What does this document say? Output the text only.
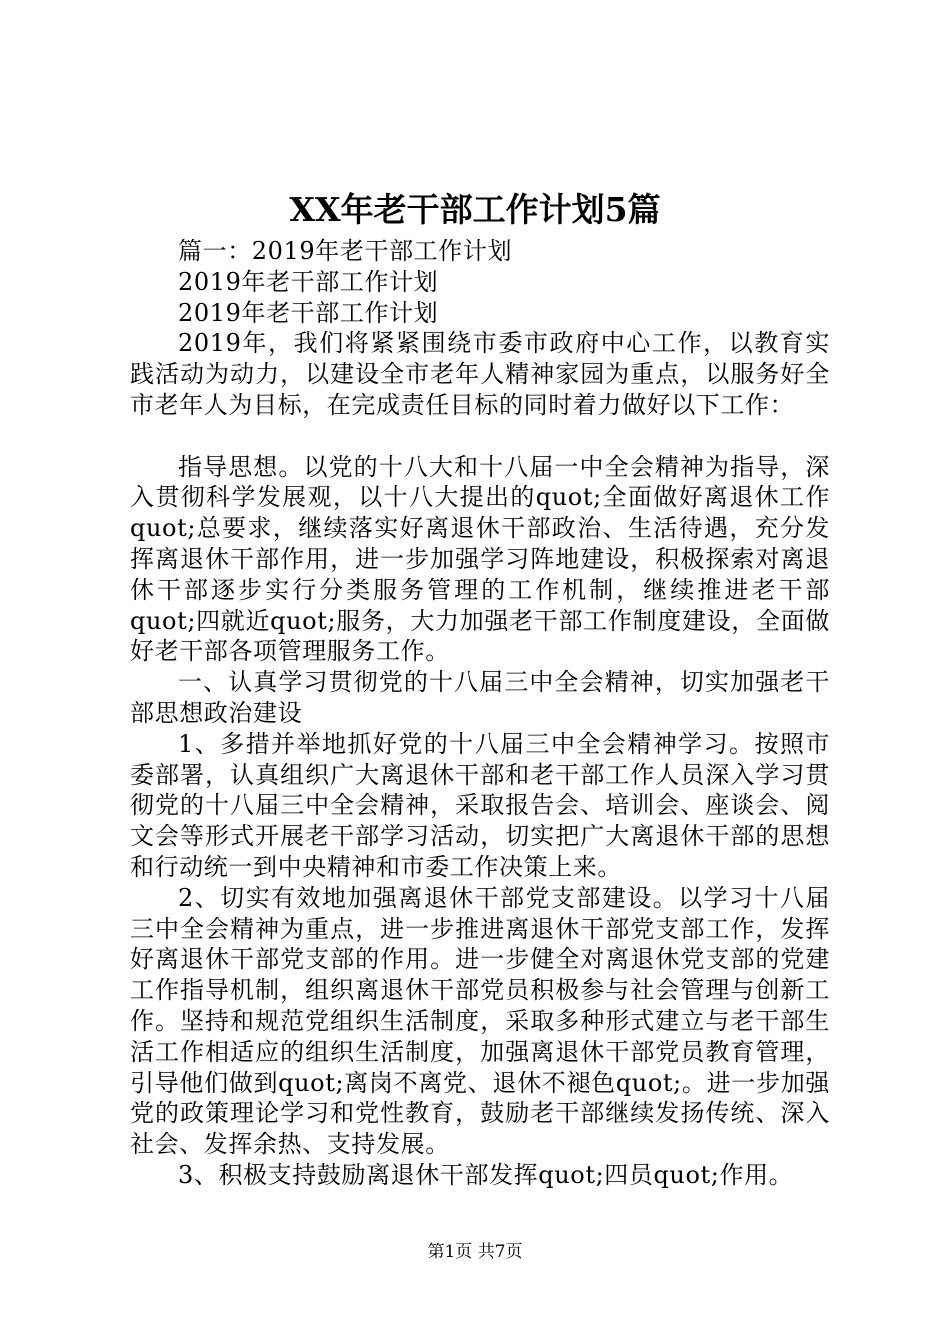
XX年老干部工作计划5篇

篇一：2019年老干部工作计划

2019年老干部工作计划

2019年老干部工作计划

2019年，我们将紧紧围绕市委市政府中心工作，以教育实践活动为动力，以建设全市老年人精神家园为重点，以服务好全市老年人为目标，在完成责任目标的同时着力做好以下工作：

指导思想。以党的十八大和十八届一中全会精神为指导，深入贯彻科学发展观，以十八大提出的quot;全面做好离退休工作quot;总要求，继续落实好离退休干部政治、生活待遇，充分发挥离退休干部作用，进一步加强学习阵地建设，积极探索对离退休干部逐步实行分类服务管理的工作机制，继续推进老干部quot;四就近quot;服务，大力加强老干部工作制度建设，全面做好老干部各项管理服务工作。

一、认真学习贯彻党的十八届三中全会精神，切实加强老干部思想政治建设

1、多措并举地抓好党的十八届三中全会精神学习。按照市委部署，认真组织广大离退休干部和老干部工作人员深入学习贯彻党的十八届三中全会精神，采取报告会、培训会、座谈会、阅文会等形式开展老干部学习活动，切实把广大离退休干部的思想和行动统一到中央精神和市委工作决策上来。

2、切实有效地加强离退休干部党支部建设。以学习十八届三中全会精神为重点，进一步推进离退休干部党支部工作，发挥好离退休干部党支部的作用。进一步健全对离退休党支部的党建工作指导机制，组织离退休干部党员积极参与社会管理与创新工作。坚持和规范党组织生活制度，采取多种形式建立与老干部生活工作相适应的组织生活制度，加强离退休干部党员教育管理，引导他们做到quot;离岗不离党、退休不褪色quot;。进一步加强党的政策理论学习和党性教育，鼓励老干部继续发扬传统、深入社会、发挥余热、支持发展。

3、积极支持鼓励离退休干部发挥quot;四员quot;作用。

第1页 共7页
